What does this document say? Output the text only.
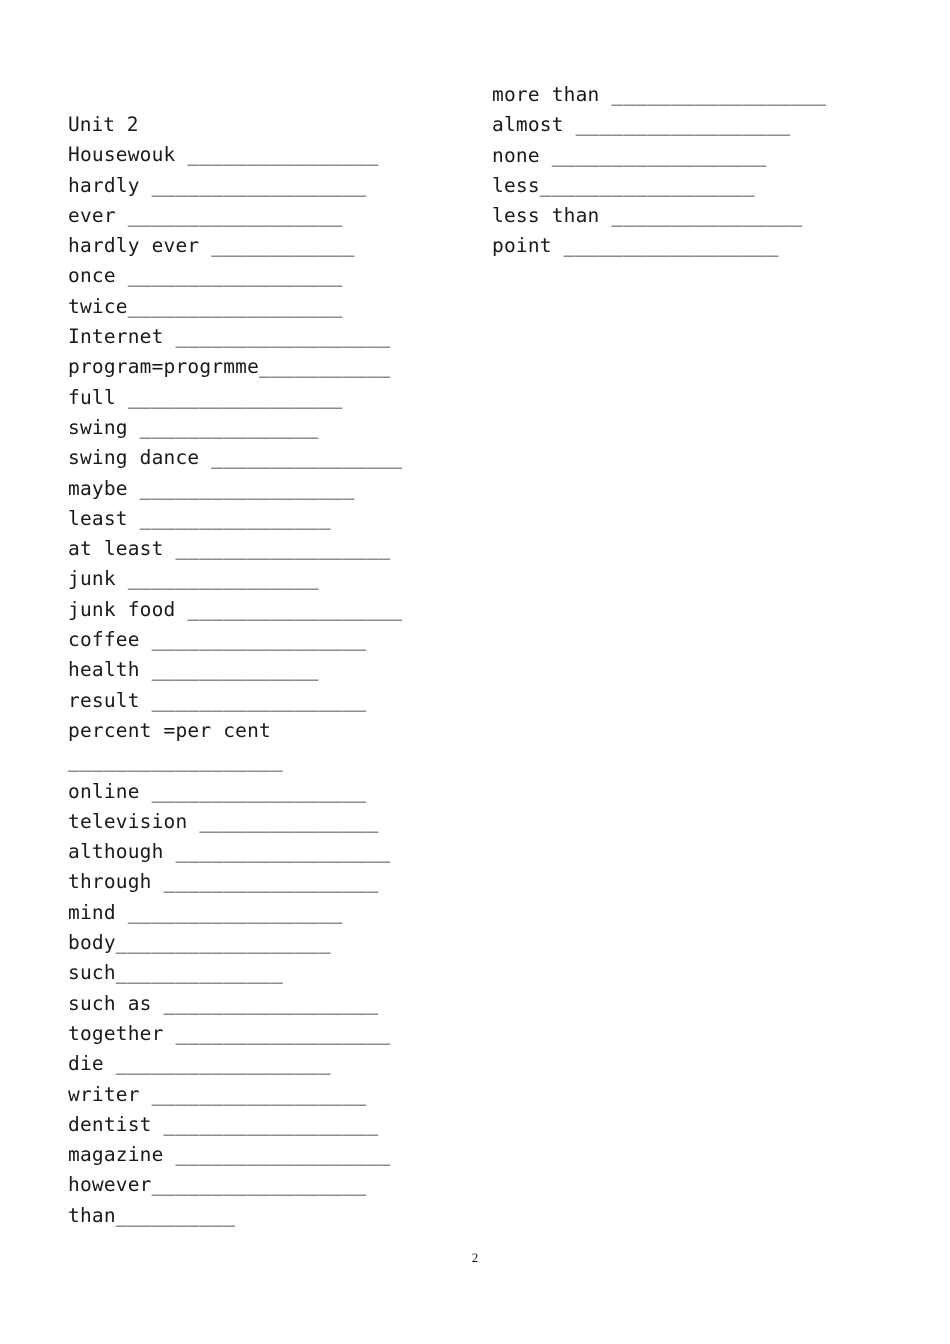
Unit 2
Housewouk ________________
hardly __________________
ever __________________
hardly ever ____________
once __________________
twice__________________
Internet __________________
program=progrmme___________
full __________________
swing _______________
swing dance ________________
maybe __________________
least ________________
at least __________________
junk ________________
junk food __________________
coffee __________________
health ______________
result __________________
percent =per cent
__________________
online __________________
television _______________
although __________________
through __________________
mind __________________
body__________________
such______________
such as __________________
together __________________
die __________________
writer __________________
dentist __________________
magazine __________________
however__________________
than__________
more than __________________
almost __________________
none __________________
less__________________
less than ________________
point __________________
2
